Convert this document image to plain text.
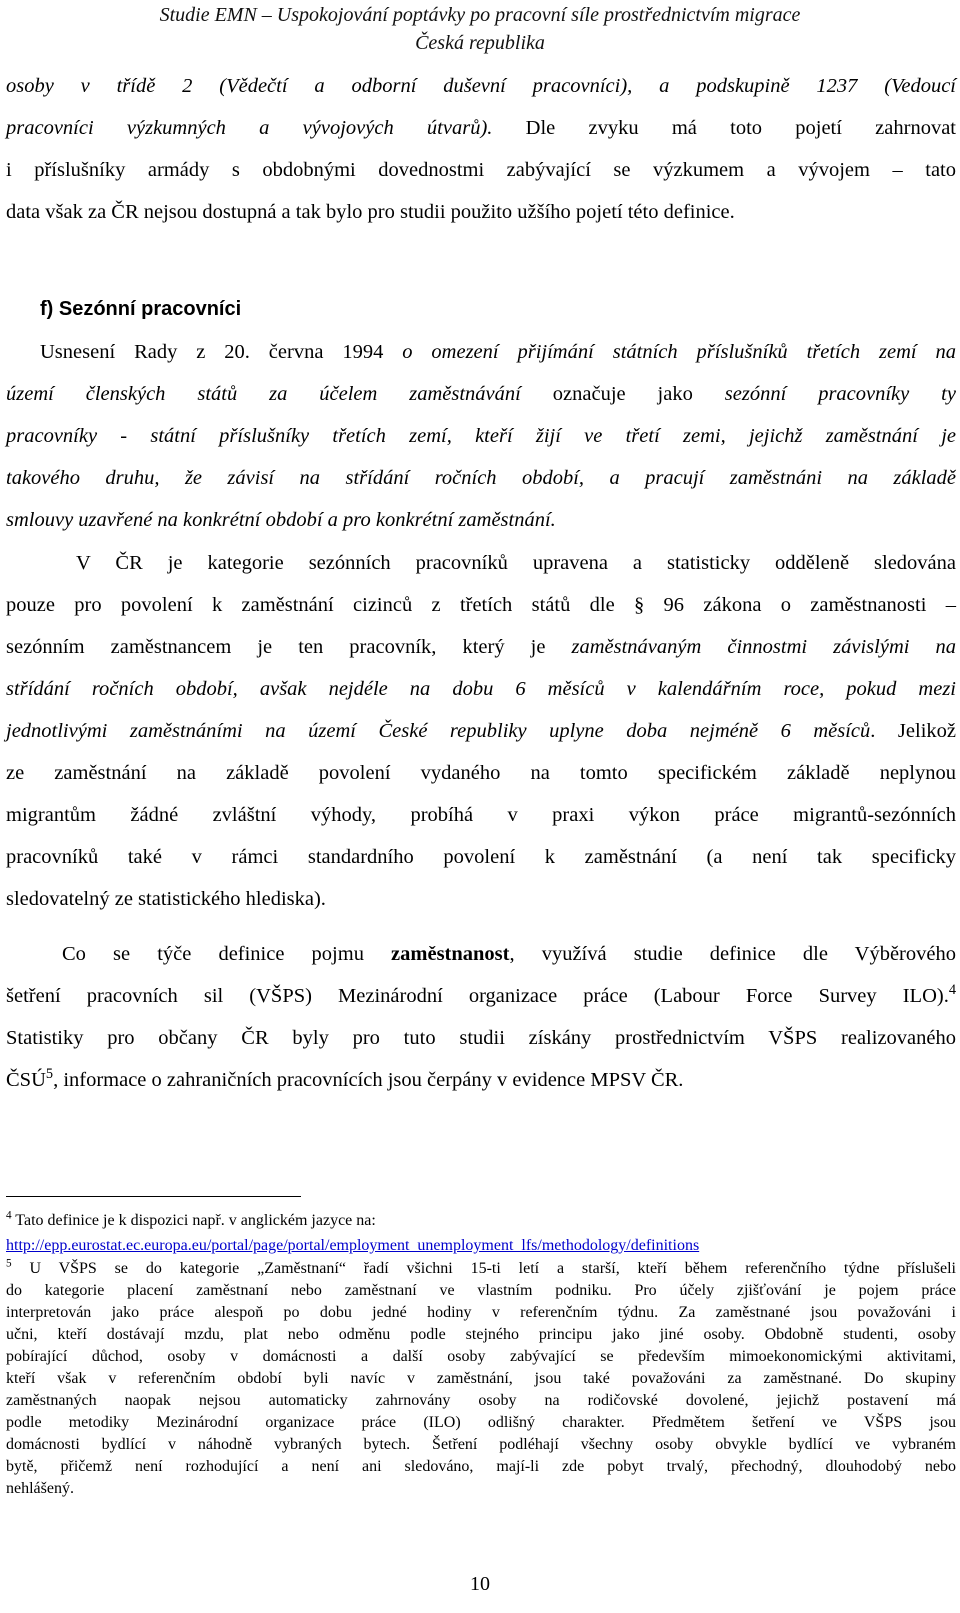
Studie EMN – Uspokojování poptávky po pracovní síle prostřednictvím migrace
Česká republika
osoby v třídě 2 (Vědečtí a odborní duševní pracovníci), a podskupině 1237 (Vedoucí
pracovníci výzkumných a vývojových útvarů). Dle zvyku má toto pojetí zahrnovat
i příslušníky armády s obdobnými dovednostmi zabývající se výzkumem a vývojem – tato
data však za ČR nejsou dostupná a tak bylo pro studii použito užšího pojetí této definice.
f) Sezónní pracovníci
Usnesení Rady z 20. června 1994 o omezení přijímání státních příslušníků třetích zemí na
území členských států za účelem zaměstnávání označuje jako sezónní pracovníky ty
pracovníky - státní příslušníky třetích zemí, kteří žijí ve třetí zemi, jejichž zaměstnání je
takového druhu, že závisí na střídání ročních období, a pracují zaměstnáni na základě
smlouvy uzavřené na konkrétní období a pro konkrétní zaměstnání.
V ČR je kategorie sezónních pracovníků upravena a statisticky odděleně sledována
pouze pro povolení k zaměstnání cizinců z třetích států dle § 96 zákona o zaměstnanosti –
sezónním zaměstnancem je ten pracovník, který je zaměstnávaným činnostmi závislými na
střídání ročních období, avšak nejdéle na dobu 6 měsíců v kalendářním roce, pokud mezi
jednotlivými zaměstnáními na území České republiky uplyne doba nejméně 6 měsíců. Jelikož
ze zaměstnání na základě povolení vydaného na tomto specifickém základě neplynou
migrantům žádné zvláštní výhody, probíhá v praxi výkon práce migrantů-sezónních
pracovníků také v rámci standardního povolení k zaměstnání (a není tak specificky
sledovatelný ze statistického hlediska).
Co se týče definice pojmu zaměstnanost, využívá studie definice dle Výběrového
šetření pracovních sil (VŠPS) Mezinárodní organizace práce (Labour Force Survey ILO).$^4$
Statistiky pro občany ČR byly pro tuto studii získány prostřednictvím VŠPS realizovaného
ČSÚ$^5$, informace o zahraničních pracovnících jsou čerpány v evidence MPSV ČR.
$^4$ Tato definice je k dispozici např. v anglickém jazyce na:
http://epp.eurostat.ec.europa.eu/portal/page/portal/employment_unemployment_lfs/methodology/definitions
$^5$ U VŠPS se do kategorie „Zaměstnaní“ řadí všichni 15-ti letí a starší, kteří během referenčního týdne příslušeli
do kategorie placení zaměstnaní nebo zaměstnaní ve vlastním podniku. Pro účely zjišťování je pojem práce
interpretován jako práce alespoň po dobu jedné hodiny v referenčním týdnu. Za zaměstnané jsou považováni i
učni, kteří dostávají mzdu, plat nebo odměnu podle stejného principu jako jiné osoby. Obdobně studenti, osoby
pobírající důchod, osoby v domácnosti a další osoby zabývající se především mimoekonomickými aktivitami,
kteří však v referenčním období byli navíc v zaměstnání, jsou také považováni za zaměstnané. Do skupiny
zaměstnaných naopak nejsou automaticky zahrnovány osoby na rodičovské dovolené, jejichž postavení má
podle metodiky Mezinárodní organizace práce (ILO) odlišný charakter. Předmětem šetření ve VŠPS jsou
domácnosti bydlící v náhodně vybraných bytech. Šetření podléhají všechny osoby obvykle bydlící ve vybraném
bytě, přičemž není rozhodující a není ani sledováno, mají-li zde pobyt trvalý, přechodný, dlouhodobý nebo
nehlášený.
10
